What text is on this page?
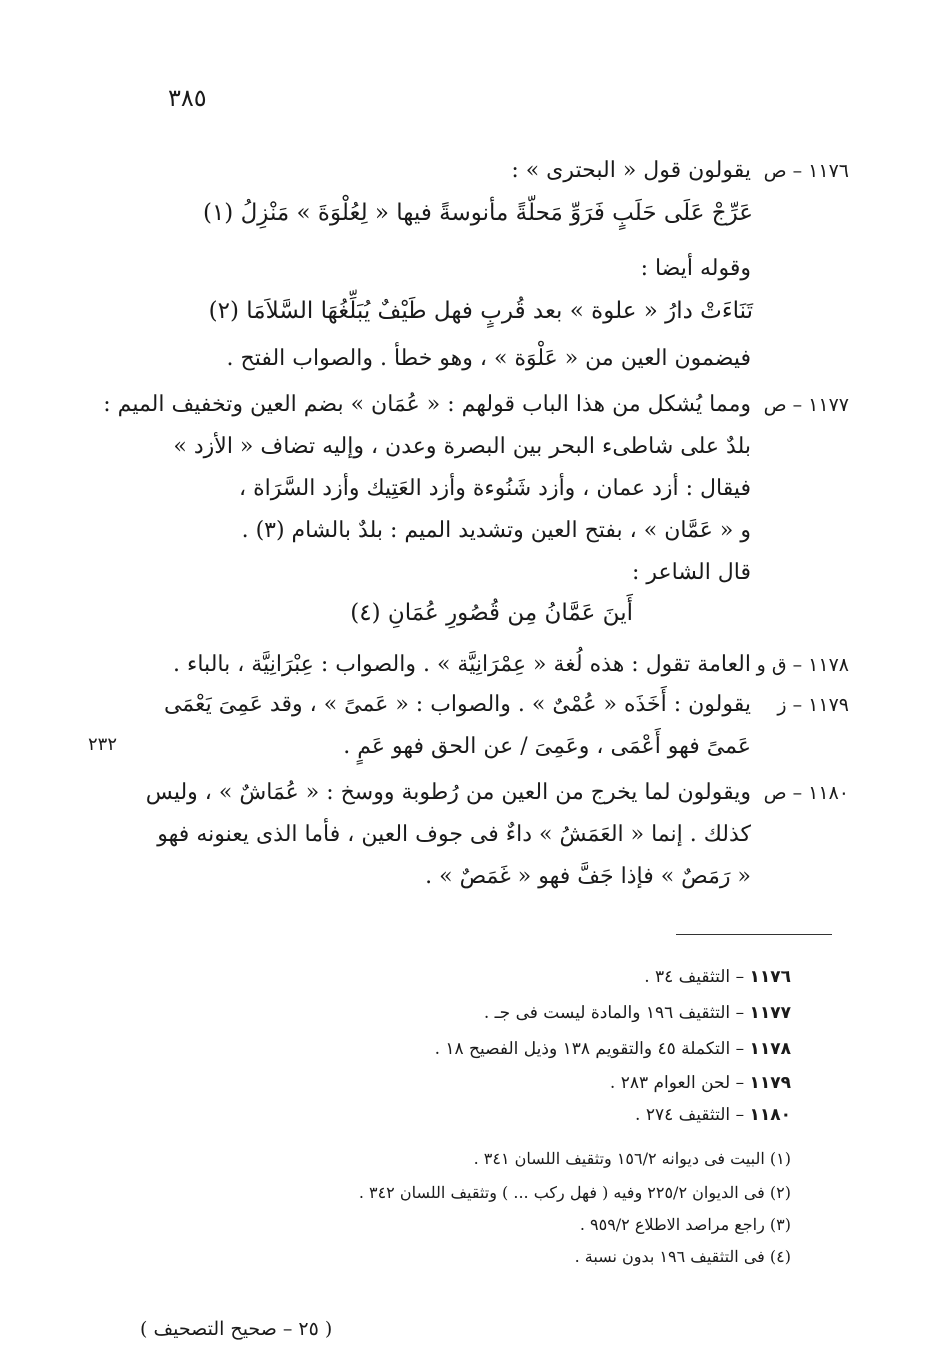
٣٨٥
٢٣٢
١١٧٦ – ص
يقولون قول « البحترى » :
عَرِّجْ عَلَى حَلَبٍ فَرَوِّ مَحلّةً مأنوسةً فيها « لِعُلْوَةَ » مَنْزِلُ (١)
وقوله أيضا :
تَنَاءَتْ دارُ « علوة » بعد قُربٍ فهل طَيْفٌ يُبَلِّغُهَا السَّلاَمَا (٢)
فيضمون العين من « عَلْوَة » ، وهو خطأ . والصواب الفتح .
١١٧٧ – ص
ومما يُشكل من هذا الباب قولهم : « عُمَان » بضم العين وتخفيف الميم :
بلدٌ على شاطىء البحر بين البصرة وعدن ، وإليه تضاف « الأزد »
فيقال : أزد عمان ، وأزد شَنُوءة وأزد العَتِيك وأزد السَّرَاة ،
و « عَمَّان » ، بفتح العين وتشديد الميم : بلدٌ بالشام (٣) .
قال الشاعر :
أَينَ عَمَّانُ مِن قُصُورِ عُمَانِ (٤)
١١٧٨ – ق و
العامة تقول : هذه لُغة « عِمْرَانِيَّة » . والصواب : عِبْرَانِيَّة ، بالباء .
١١٧٩ – ز
يقولون : أَخَذَه « عُمْىٌ » . والصواب : « عَمىً » ، وقد عَمِىَ يَعْمَى
عَمىً فهو أَعْمَى ، وعَمِىَ / عن الحق فهو عَمٍ .
١١٨٠ – ص
ويقولون لما يخرج من العين من رُطوبة ووسخ : « عُمَاشٌ » ، وليس
كذلك . إنما « العَمَشُ » داءٌ فى جوف العين ، فأما الذى يعنونه فهو
« رَمَصٌ » فإذا جَفَّ فهو « غَمَصٌ » .
١١٧٦ – التثقيف ٣٤ .
١١٧٧ – التثقيف ١٩٦ والمادة ليست فى جـ .
١١٧٨ – التكملة ٤٥ والتقويم ١٣٨ وذيل الفصيح ١٨ .
١١٧٩ – لحن العوام ٢٨٣ .
١١٨٠ – التثقيف ٢٧٤ .
(١) البيت فى ديوانه ١٥٦/٢ وتثقيف اللسان ٣٤١ .
(٢) فى الديوان ٢٢٥/٢ وفيه ( فهل ركب ... ) وتثقيف اللسان ٣٤٢ .
(٣) راجع مراصد الاطلاع ٩٥٩/٢ .
(٤) فى التثقيف ١٩٦ بدون نسبة .
( ٢٥ – صحيح التصحيف )
